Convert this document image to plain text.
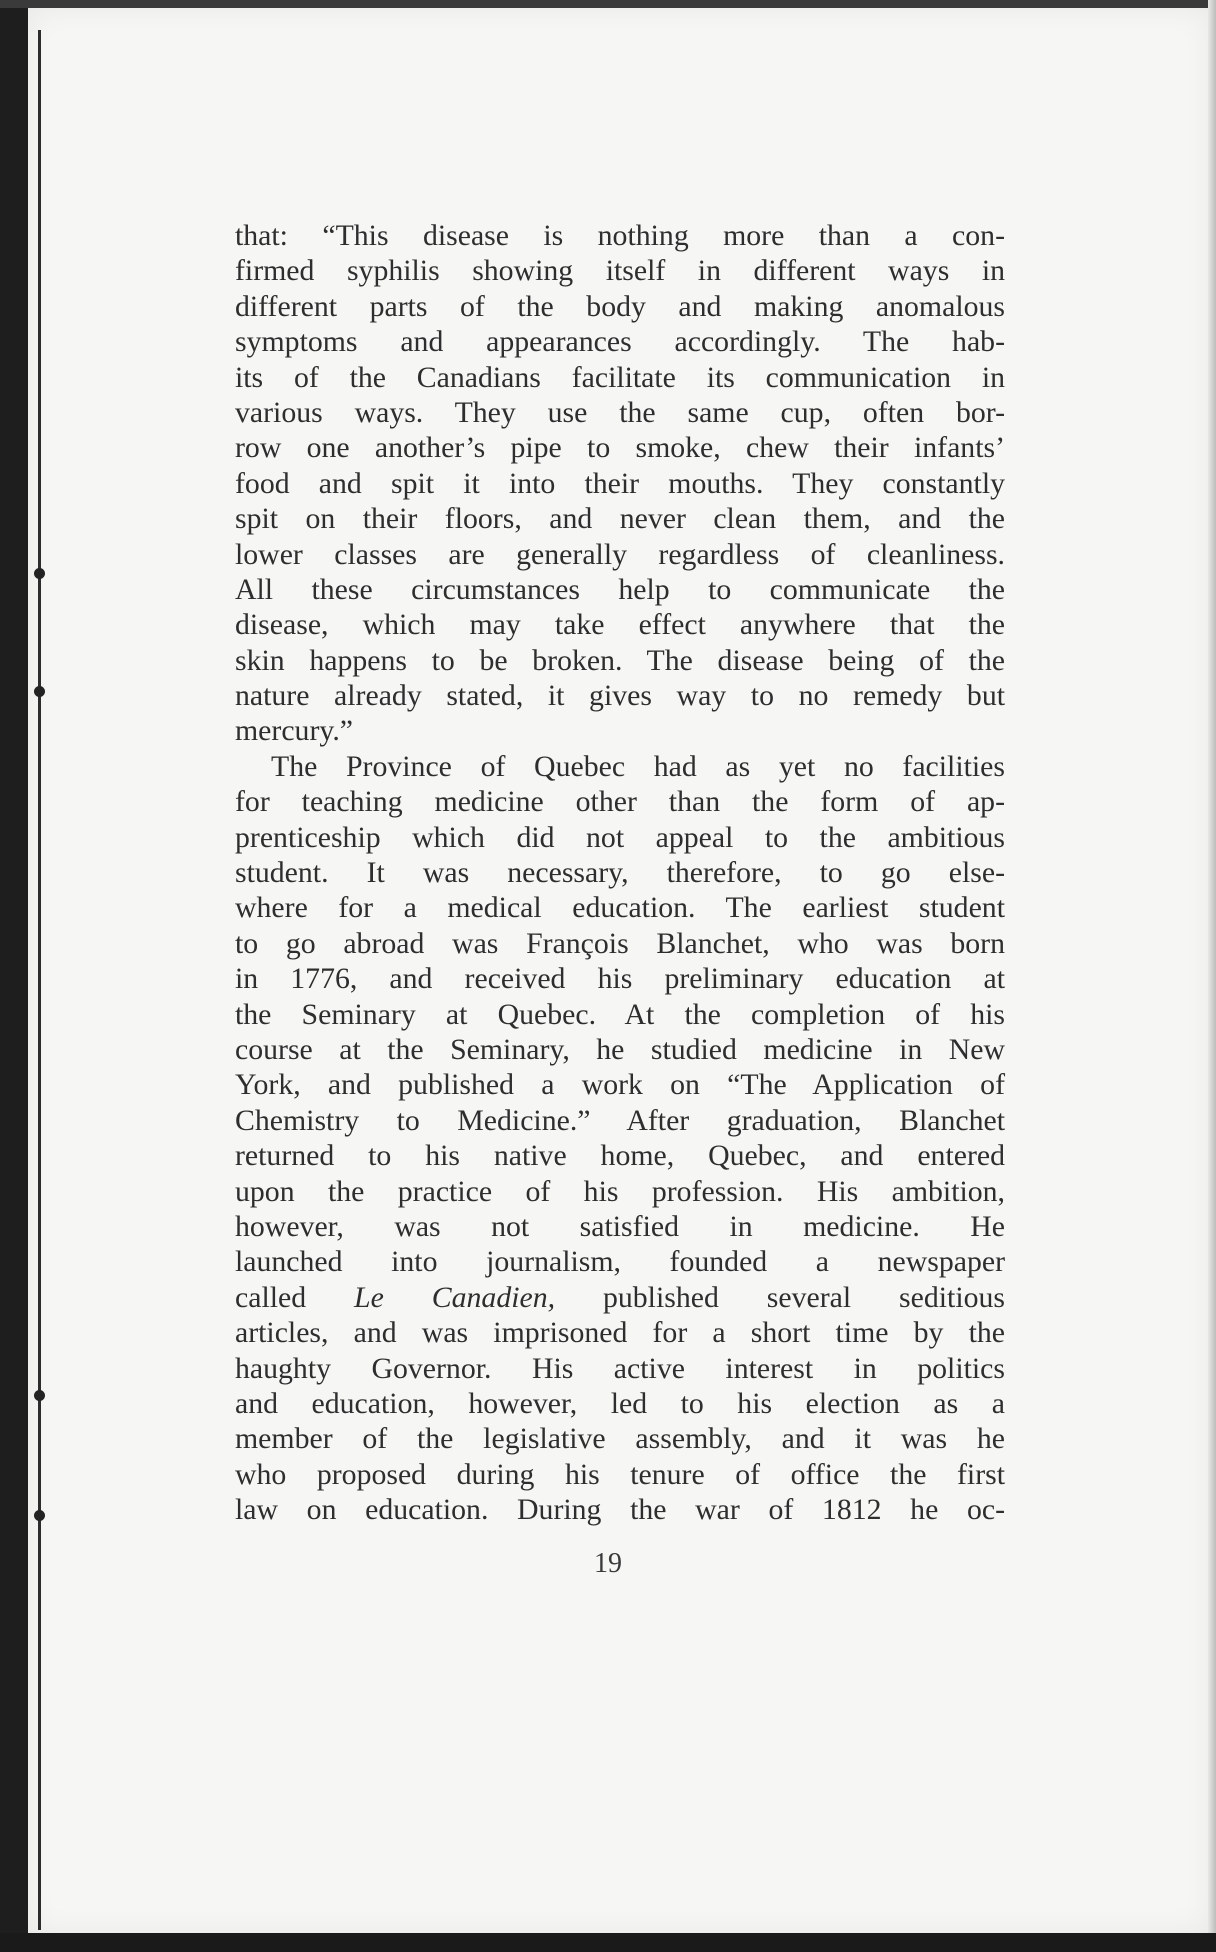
that: “This disease is nothing more than a con-
firmed syphilis showing itself in different ways in
different parts of the body and making anomalous
symptoms and appearances accordingly. The hab-
its of the Canadians facilitate its communication in
various ways. They use the same cup, often bor-
row one another’s pipe to smoke, chew their infants’
food and spit it into their mouths. They constantly
spit on their floors, and never clean them, and the
lower classes are generally regardless of cleanliness.
All these circumstances help to communicate the
disease, which may take effect anywhere that the
skin happens to be broken. The disease being of the
nature already stated, it gives way to no remedy but
mercury.”
The Province of Quebec had as yet no facilities
for teaching medicine other than the form of ap-
prenticeship which did not appeal to the ambitious
student. It was necessary, therefore, to go else-
where for a medical education. The earliest student
to go abroad was François Blanchet, who was born
in 1776, and received his preliminary education at
the Seminary at Quebec. At the completion of his
course at the Seminary, he studied medicine in New
York, and published a work on “The Application of
Chemistry to Medicine.” After graduation, Blanchet
returned to his native home, Quebec, and entered
upon the practice of his profession. His ambition,
however, was not satisfied in medicine. He
launched into journalism, founded a newspaper
called Le Canadien, published several seditious
articles, and was imprisoned for a short time by the
haughty Governor. His active interest in politics
and education, however, led to his election as a
member of the legislative assembly, and it was he
who proposed during his tenure of office the first
law on education. During the war of 1812 he oc-
19
